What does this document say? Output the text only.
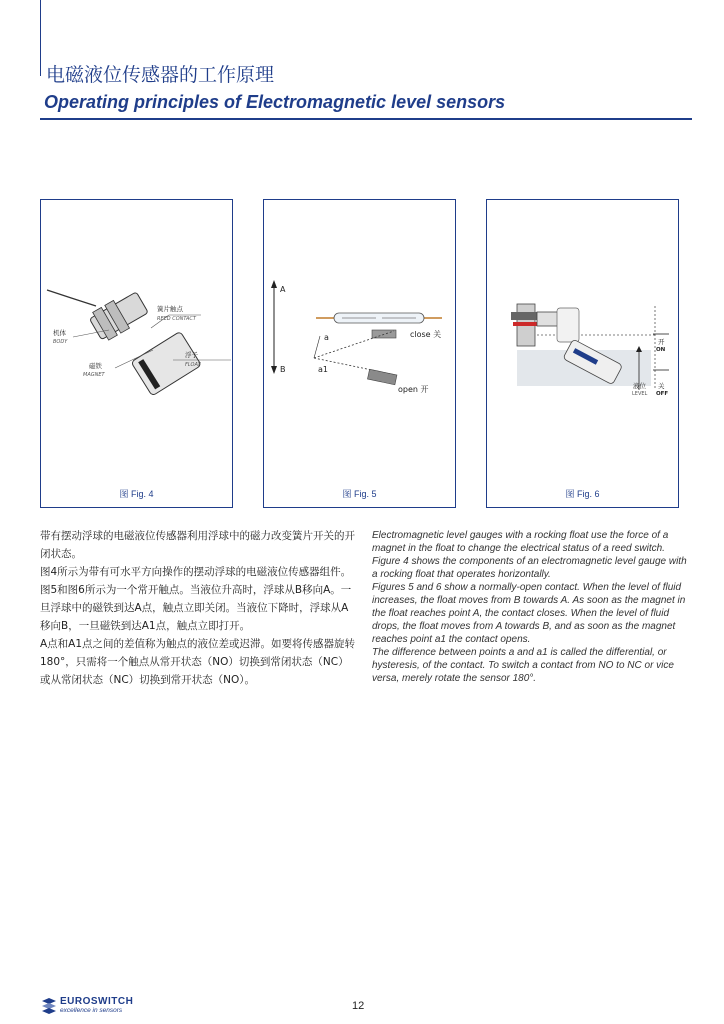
电磁液位传感器的工作原理
Operating principles of Electromagnetic level sensors
簧片触点
REED CONTACT
机体
BODY
浮子
FLOAT
磁铁
MAGNET
图 Fig. 4
A
B
close 关
a
a1
open 开
图 Fig. 5
开
ON
关
OFF
液位
LEVEL
图 Fig. 6

带有摆动浮球的电磁液位传感器利用浮球中的磁力改变簧片开关的开闭状态。

图4所示为带有可水平方向操作的摆动浮球的电磁液位传感器组件。

图5和图6所示为一个常开触点。当液位升高时，浮球从B移向A。一旦浮球中的磁铁到达A点，触点立即关闭。当液位下降时，浮球从A移向B，一旦磁铁到达A1点，触点立即打开。

A点和A1点之间的差值称为触点的液位差或迟滞。如要将传感器旋转180°，只需将一个触点从常开状态（NO）切换到常闭状态（NC）或从常闭状态（NC）切换到常开状态（NO）。

Electromagnetic level gauges with a rocking float use the force of a magnet in the float to change the electrical status of a reed switch.

Figure 4 shows the components of an electromagnetic level gauge with a rocking float that operates horizontally.

Figures 5 and 6 show a normally-open contact. When the level of fluid increases, the float moves from B towards A. As soon as the magnet in the float reaches point A, the contact closes. When the level of fluid drops, the float moves from A towards B, and as soon as the magnet reaches point a1 the contact opens.

The difference between points a and a1 is called the differential, or hysteresis, of the contact. To switch a contact from NO to NC or vice versa, merely rotate the sensor 180°.

EUROSWITCH
excellence in sensors	12
